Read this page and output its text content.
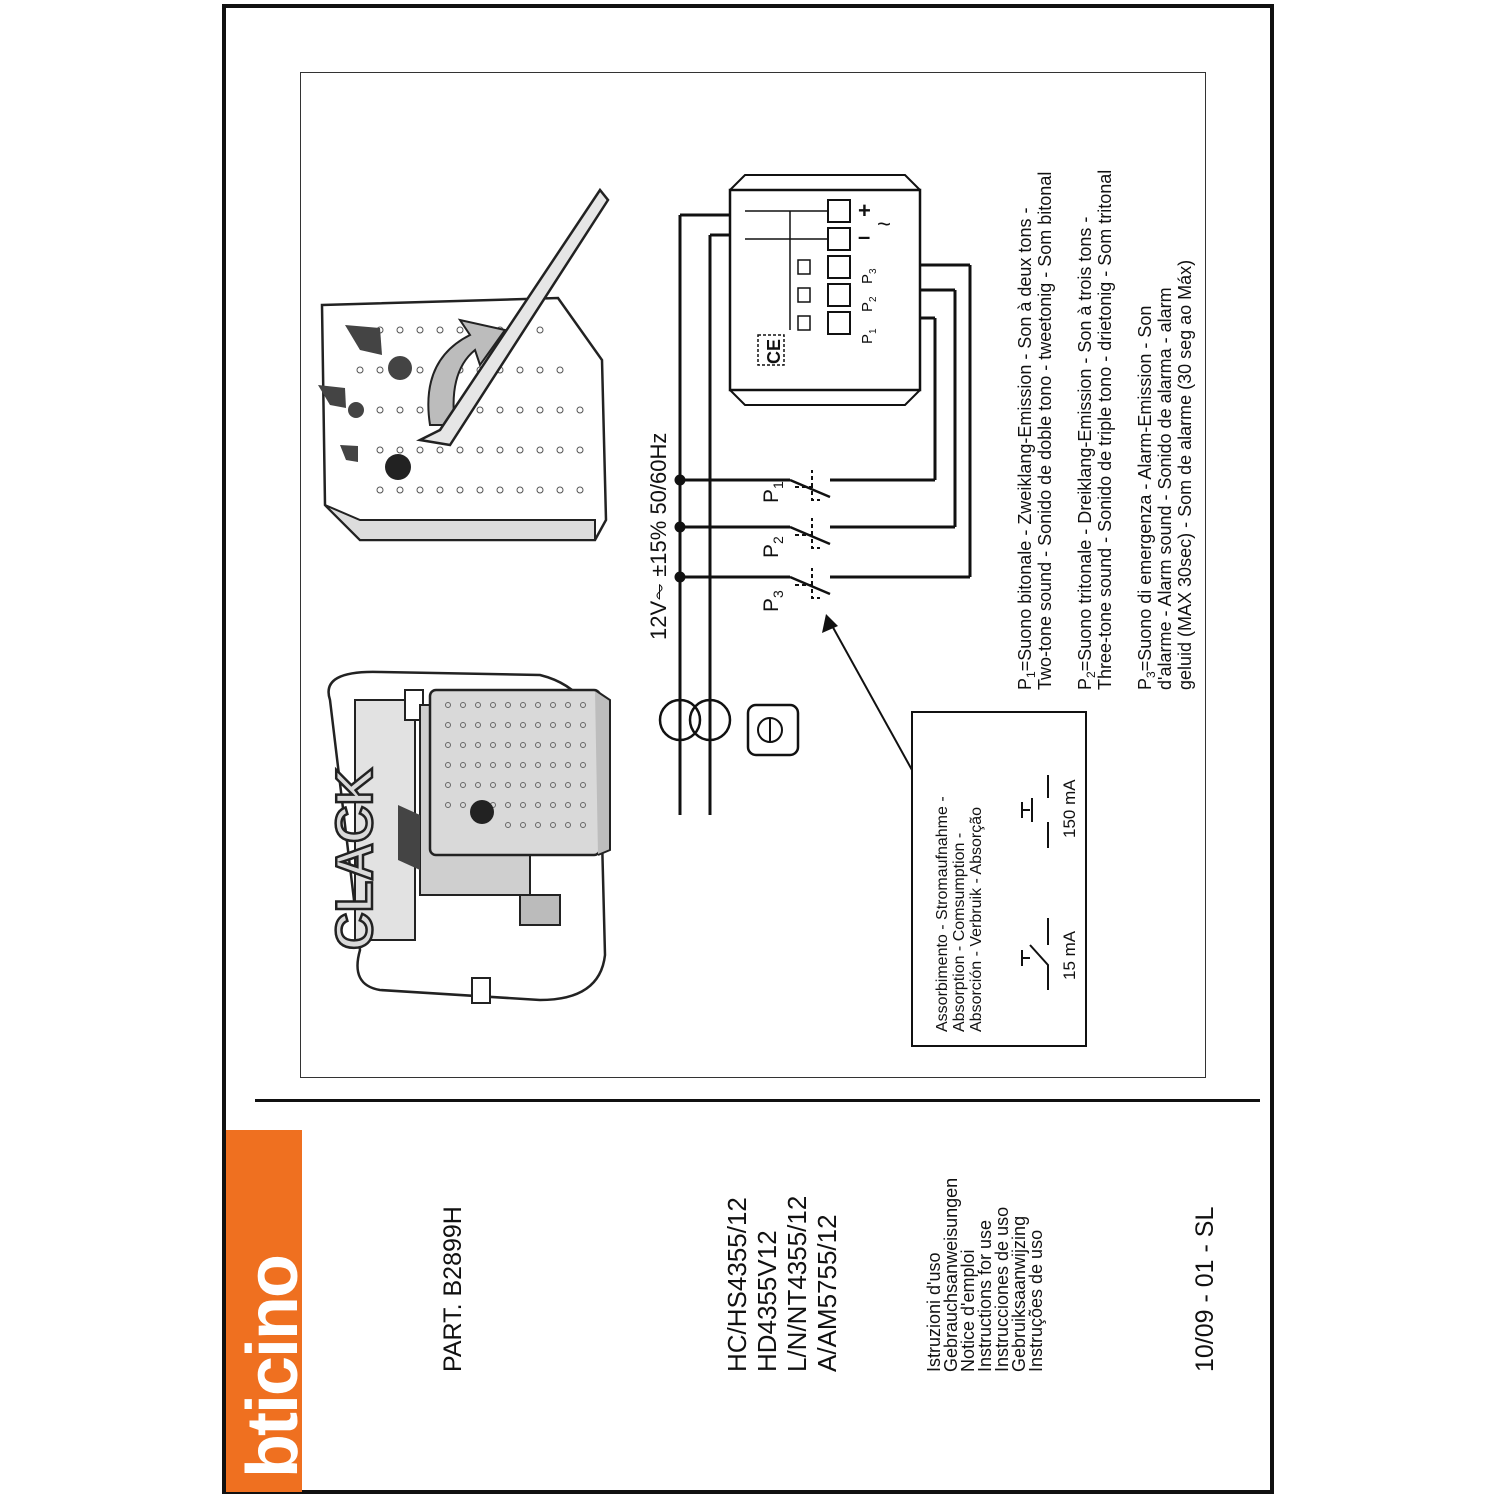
bticino	PART. B2899H	HC/HS4355/12 HD4355V12 L/N/NT4355/12 A/AM5755/12	Istruzioni d'uso
Gebrauchsanweisungen
Notice d'emploi
Instructions for use
Instrucciones de uso
Gebruiksaanwijzing
Instruções de uso	10/09 - 01 - SL
CLACK
12V⏦ ±15% 50/60Hz	$P_1$
$P_2$
$P_3$
$P_1$
$P_2$
$P_3$
–
+
~
CE
Assorbimento - Stromaufnahme - Absorption - Comsumption - Absorción - Verbruik - Absorção	15 mA
150 mA
$P_1=Suono$ bitonale - Zweiklang-Emission - Son à deux tons - Two-tone sound - Sonido de doble tono - tweetonig - Som bitonal $P_2=Suono$ tritonale - Dreiklang-Emission - Son à trois tons - Three-tone sound - Sonido de triple tono - drietonig - Som tritonal $P_3=Suono$ di emergenza - Alarm-Emission - Son d'alarme - Alarm sound - Sonido de alarma - alarm geluid (MAX 30sec) - Som de alarme (30 seg ao Máx)
